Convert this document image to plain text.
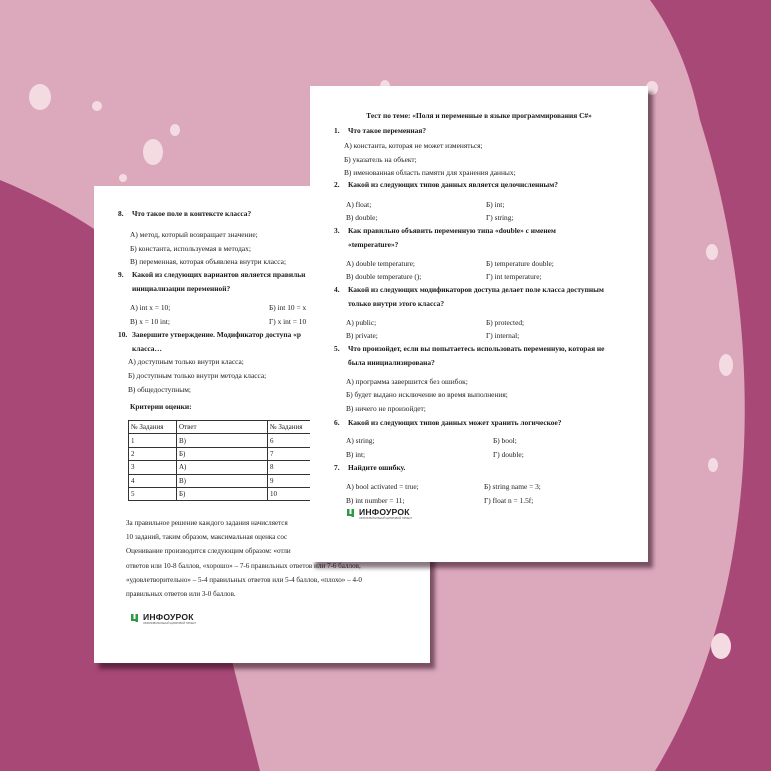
8. Что такое поле в контексте класса?
А) метод, который возвращает значение;
Б) константа, используемая в методах;
В) переменная, которая объявлена внутри класса;
9. Какой из следующих вариантов является правильн
инициализации переменной?
А) int x = 10;	Б) int 10 = x
В) x = 10 int;	Г) x int = 10
10. Завершите утверждение. Модификатор доступа «р
класса…
А) доступным только внутри класса;
Б) доступным только внутри метода класса;
В) общедоступным;
Критерии оценки:
№ Задания	Ответ	№ Задания
1	В)	6
2	Б)	7
3	А)	8
4	В)	9
5	Б)	10
За правильное решение каждого задания начисляется
10 заданий, таким образом, максимальная оценка сос
Оценивание производится следующим образом: «отли
ответов или 10-8 баллов, «хорошо» – 7-6 правильных ответов или 7-6 баллов,
«удовлетворительно» – 5-4 правильных ответов или 5-4 баллов, «плохо» – 4-0
правильных ответов или 3-0 баллов.
ИНФОУРОК
ОБРАЗОВАТЕЛЬНЫЙ ЦИФРОВОЙ ПРОЕКТ
Тест по теме: «Поля и переменные в языке программирования C#»
1. Что такое переменная?
А) константа, которая не может изменяться;
Б) указатель на объект;
В) именованная область памяти для хранения данных;
2. Какой из следующих типов данных является целочисленным?
А) float;	Б) int;
В) double;	Г) string;
3. Как правильно объявить переменную типа «double» с именем
«temperature»?
А) double temperature;	Б) temperature double;
В) double temperature ();	Г) int temperature;
4. Какой из следующих модификаторов доступа делает поле класса доступным
только внутри этого класса?
А) public;	Б) protected;
В) private;	Г) internal;
5. Что произойдет, если вы попытаетесь использовать переменную, которая не
была инициализирована?
А) программа завершится без ошибок;
Б) будет выдано исключение во время выполнения;
В) ничего не произойдет;
6. Какой из следующих типов данных может хранить логическое?
А) string;	Б) bool;
В) int;	Г) double;
7. Найдите ошибку.
А) bool activated = true;	Б) string name = 3;
В) int number = 11;	Г) float n = 1.5f;
ИНФОУРОК
ОБРАЗОВАТЕЛЬНЫЙ ЦИФРОВОЙ ПРОЕКТ
